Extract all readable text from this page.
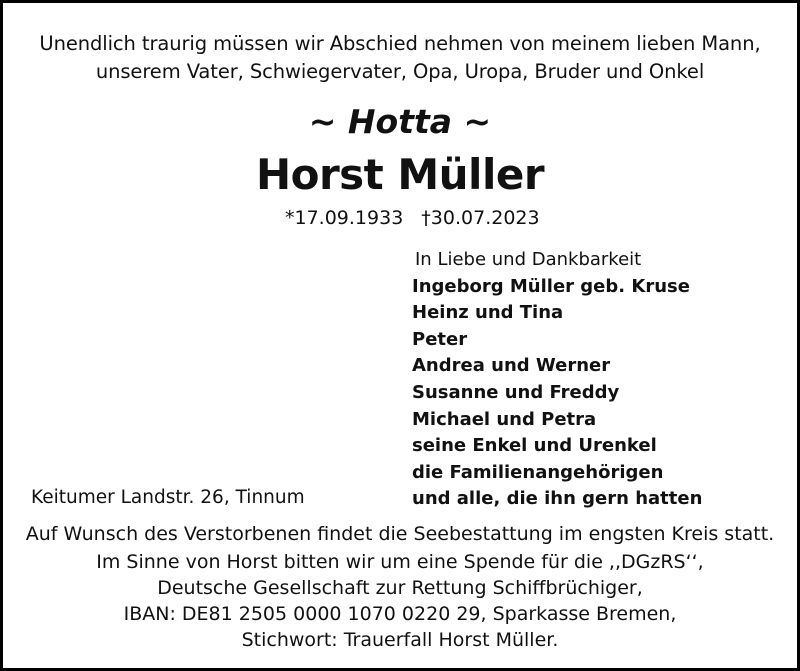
Unendlich traurig müssen wir Abschied nehmen von meinem lieben Mann,
unserem Vater, Schwiegervater, Opa, Uropa, Bruder und Onkel
~ Hotta ~
Horst Müller
*17.09.1933 †30.07.2023
In Liebe und Dankbarkeit
Ingeborg Müller geb. Kruse
Heinz und Tina
Peter
Andrea und Werner
Susanne und Freddy
Michael und Petra
seine Enkel und Urenkel
die Familienangehörigen
und alle, die ihn gern hatten
Keitumer Landstr. 26, Tinnum
Auf Wunsch des Verstorbenen findet die Seebestattung im engsten Kreis statt.
Im Sinne von Horst bitten wir um eine Spende für die ,,DGzRS‘‘,
Deutsche Gesellschaft zur Rettung Schiffbrüchiger,
IBAN: DE81 2505 0000 1070 0220 29, Sparkasse Bremen,
Stichwort: Trauerfall Horst Müller.
